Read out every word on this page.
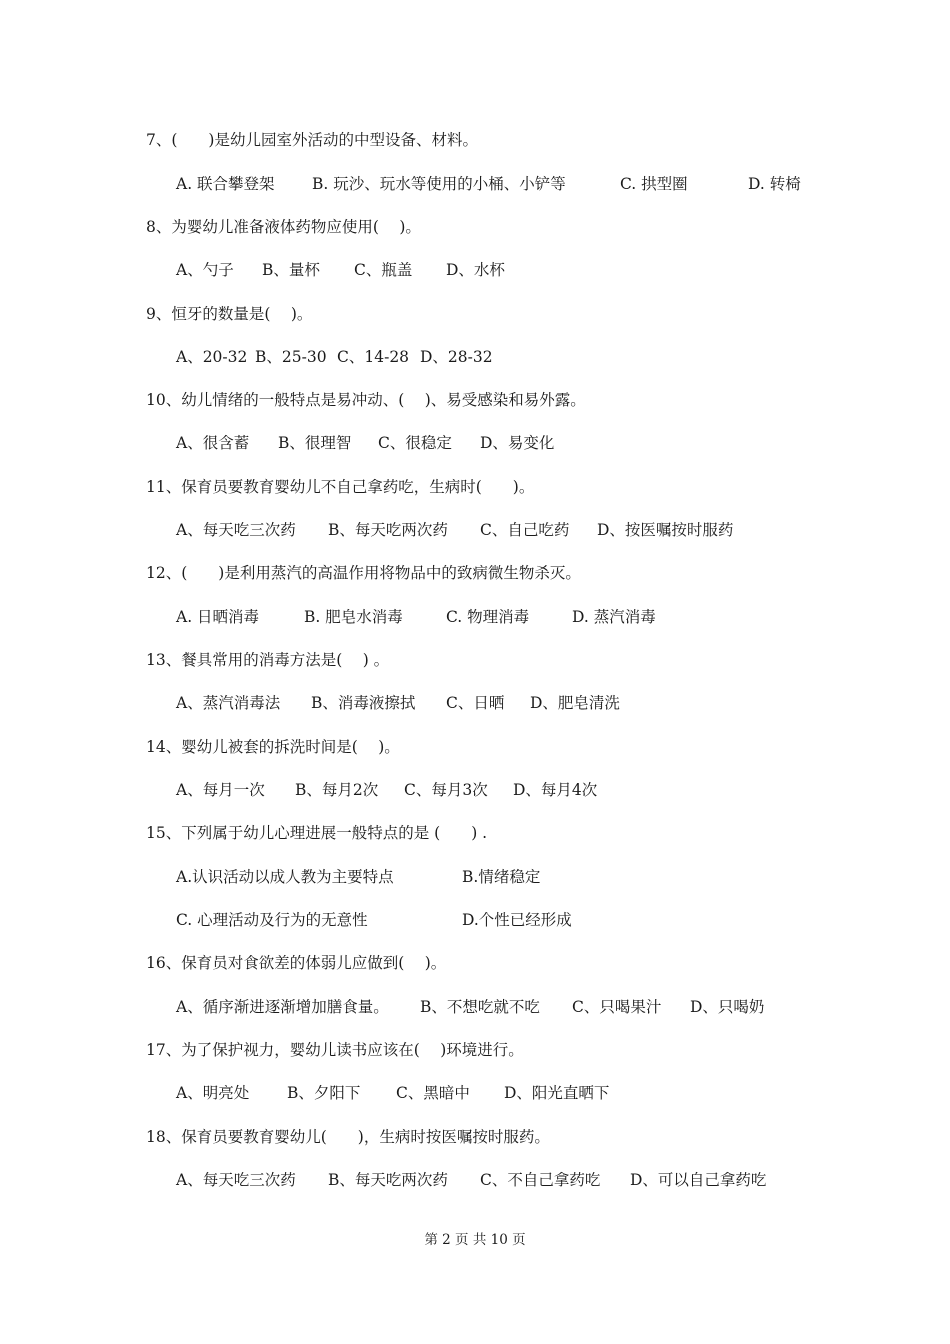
7、(　　)是幼儿园室外活动的中型设备、材料。
A. 联合攀登架 B. 玩沙、玩水等使用的小桶、小铲等	C. 拱型圈	D. 转椅
8、为婴幼儿准备液体药物应使用(　 )。
A、勺子 B、量杯 C、瓶盖 D、水杯
9、恒牙的数量是(　 )。
A、20-32 B、25-30 C、14-28 D、28-32
10、幼儿情绪的一般特点是易冲动、(　 )、易受感染和易外露。
A、很含蓄 B、很理智 C、很稳定 D、易变化
11、保育员要教育婴幼儿不自己拿药吃，生病时(　　)。
A、每天吃三次药 B、每天吃两次药 C、自己吃药 D、按医嘱按时服药
12、(　　)是利用蒸汽的高温作用将物品中的致病微生物杀灭。
A. 日晒消毒	B. 肥皂水消毒	C. 物理消毒	D. 蒸汽消毒
13、餐具常用的消毒方法是(　 ) 。
A、蒸汽消毒法 B、消毒液擦拭 C、日晒 D、肥皂清洗
14、婴幼儿被套的拆洗时间是(　 )。
A、每月一次 B、每月2次 C、每月3次 D、每月4次
15、下列属于幼儿心理进展一般特点的是 (　　) .
A.认识活动以成人教为主要特点	B.情绪稳定
C. 心理活动及行为的无意性	D.个性已经形成
16、保育员对食欲差的体弱儿应做到(　 )。
A、循序渐进逐渐增加膳食量。 B、不想吃就不吃 C、只喝果汁 D、只喝奶
17、为了保护视力，婴幼儿读书应该在(　 )环境进行。
A、明亮处 B、夕阳下 C、黑暗中 D、阳光直晒下
18、保育员要教育婴幼儿(　　)，生病时按医嘱按时服药。
A、每天吃三次药 B、每天吃两次药 C、不自己拿药吃 D、可以自己拿药吃
第 2 页 共 10 页
